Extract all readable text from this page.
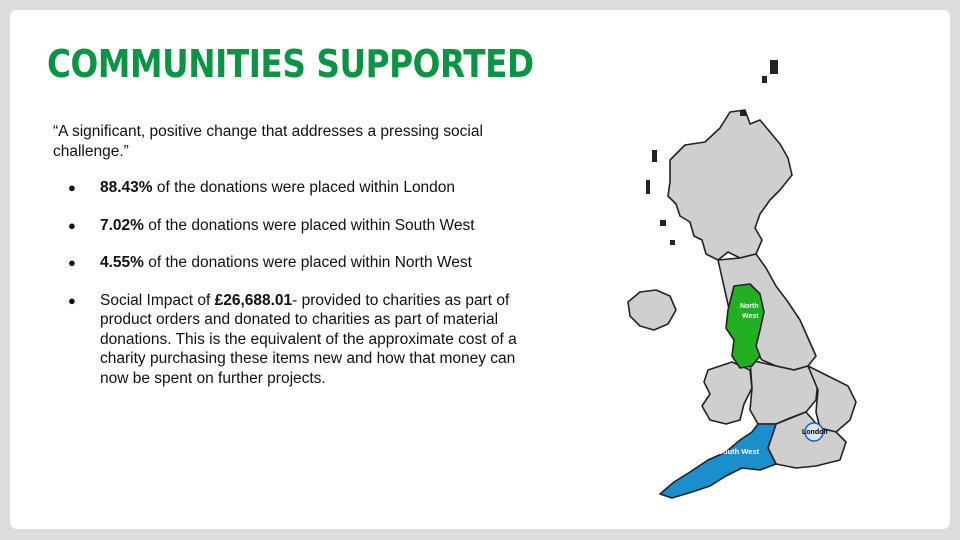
COMMUNITIES SUPPORTED
“A significant, positive change that addresses a pressing social challenge.”
● 88.43% of the donations were placed within London
● 7.02% of the donations were placed within South West
● 4.55% of the donations were placed within North West
● Social Impact of £26,688.01- provided to charities as part of product orders and donated to charities as part of material donations. This is the equivalent of the approximate cost of a charity purchasing these items new and how that money can now be spent on further projects.
North
West
South West
London
